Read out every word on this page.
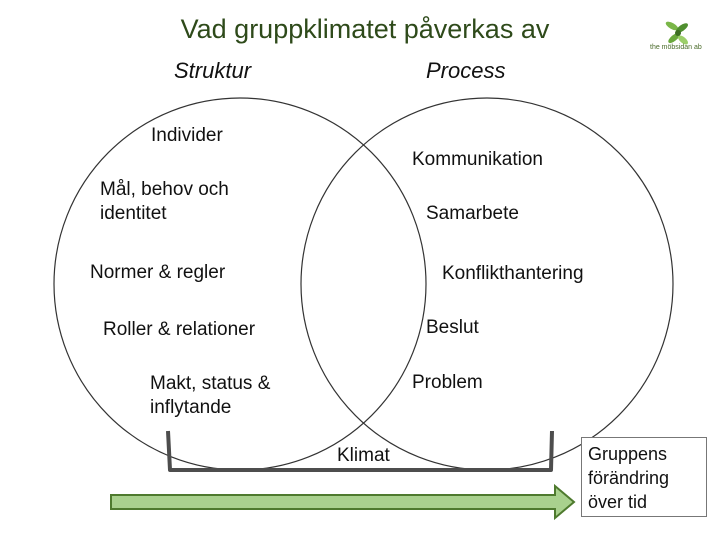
the möbsidan ab
Vad gruppklimatet påverkas av
Struktur	Process
Individer
Mål, behov och
identitet
Normer & regler
Roller & relationer
Makt, status &
inflytande
Kommunikation
Samarbete
Konflikthantering
Beslut
Problem
Klimat	Gruppens
förändring
över tid
